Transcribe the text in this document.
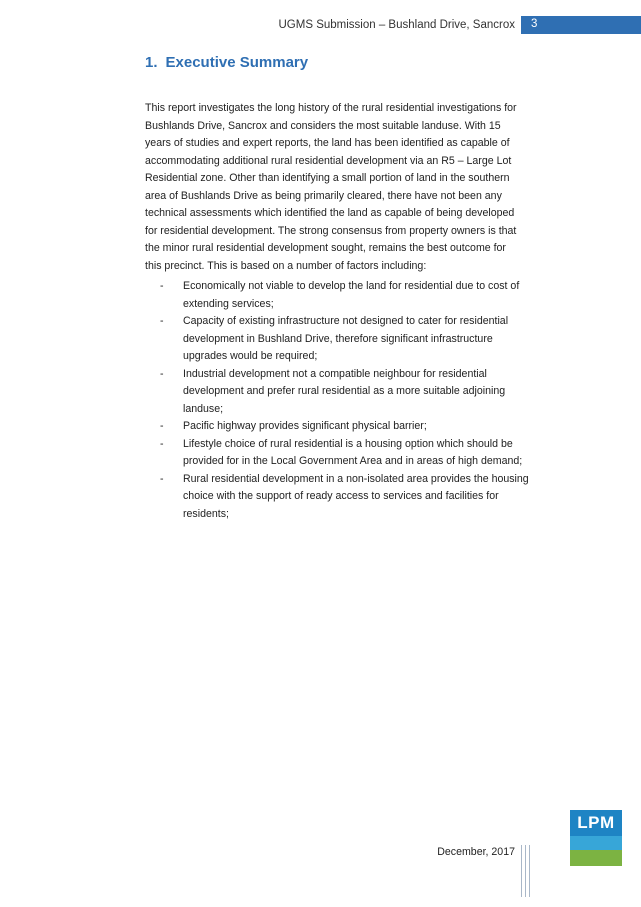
UGMS Submission – Bushland Drive, Sancrox 3
1. Executive Summary
This report investigates the long history of the rural residential investigations for Bushlands Drive, Sancrox and considers the most suitable landuse. With 15 years of studies and expert reports, the land has been identified as capable of accommodating additional rural residential development via an R5 – Large Lot Residential zone. Other than identifying a small portion of land in the southern area of Bushlands Drive as being primarily cleared, there have not been any technical assessments which identified the land as capable of being developed for residential development. The strong consensus from property owners is that the minor rural residential development sought, remains the best outcome for this precinct. This is based on a number of factors including:
- Economically not viable to develop the land for residential due to cost of extending services;
- Capacity of existing infrastructure not designed to cater for residential development in Bushland Drive, therefore significant infrastructure upgrades would be required;
- Industrial development not a compatible neighbour for residential development and prefer rural residential as a more suitable adjoining landuse;
- Pacific highway provides significant physical barrier;
- Lifestyle choice of rural residential is a housing option which should be provided for in the Local Government Area and in areas of high demand;
- Rural residential development in a non-isolated area provides the housing choice with the support of ready access to services and facilities for residents;
December, 2017
LPM
